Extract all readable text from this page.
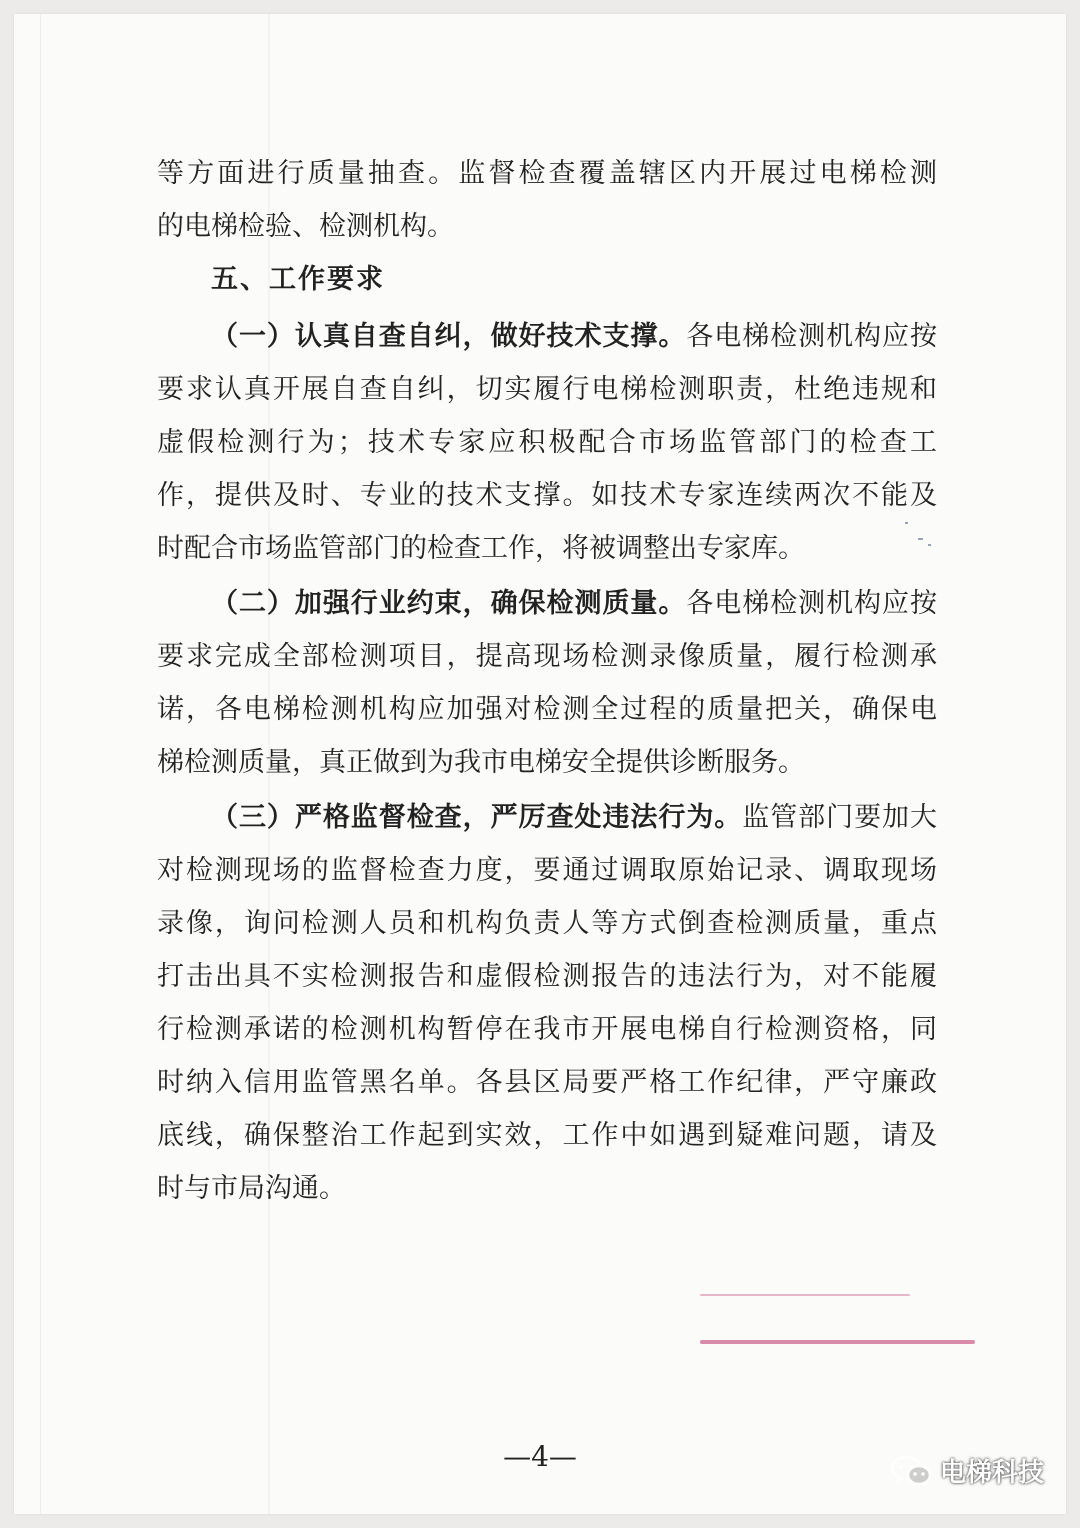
等方面进行质量抽查。监督检查覆盖辖区内开展过电梯检测
的电梯检验、检测机构。
五、工作要求
（一）认真自查自纠，做好技术支撑。各电梯检测机构应按
要求认真开展自查自纠，切实履行电梯检测职责，杜绝违规和
虚假检测行为；技术专家应积极配合市场监管部门的检查工
作，提供及时、专业的技术支撑。如技术专家连续两次不能及
时配合市场监管部门的检查工作，将被调整出专家库。
（二）加强行业约束，确保检测质量。各电梯检测机构应按
要求完成全部检测项目，提高现场检测录像质量，履行检测承
诺，各电梯检测机构应加强对检测全过程的质量把关，确保电
梯检测质量，真正做到为我市电梯安全提供诊断服务。
（三）严格监督检查，严厉查处违法行为。监管部门要加大
对检测现场的监督检查力度，要通过调取原始记录、调取现场
录像，询问检测人员和机构负责人等方式倒查检测质量，重点
打击出具不实检测报告和虚假检测报告的违法行为，对不能履
行检测承诺的检测机构暂停在我市开展电梯自行检测资格，同
时纳入信用监管黑名单。各县区局要严格工作纪律，严守廉政
底线，确保整治工作起到实效，工作中如遇到疑难问题，请及
时与市局沟通。
—4—	电梯科技
